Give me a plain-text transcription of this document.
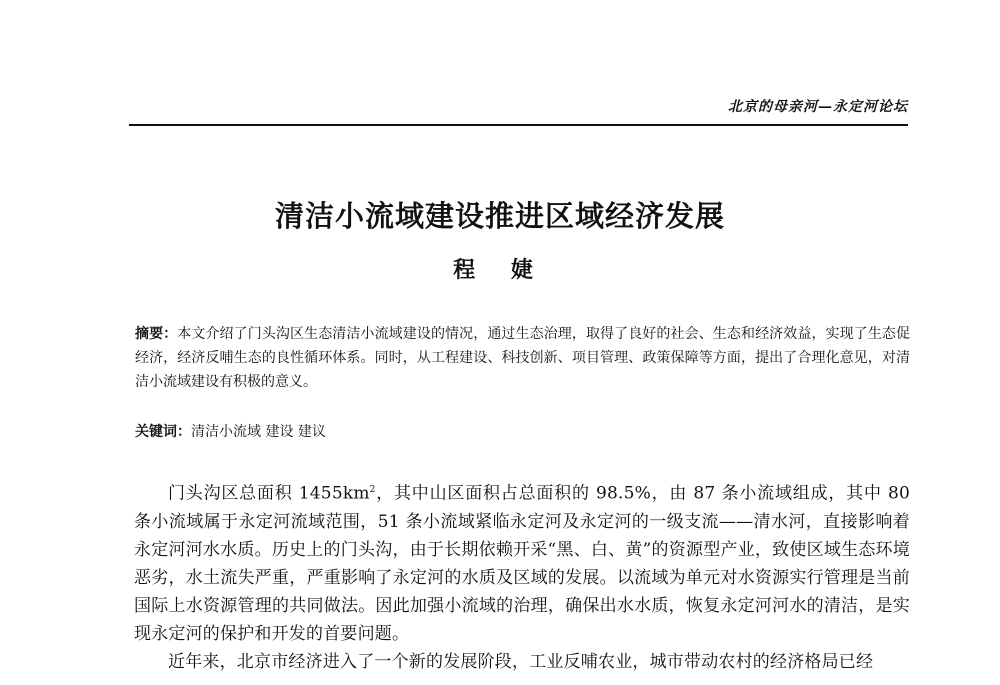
北京的母亲河—永定河论坛
清洁小流域建设推进区域经济发展
程 婕
摘要：本文介绍了门头沟区生态清洁小流域建设的情况，通过生态治理，取得了良好的社会、生态和经济效益，实现了生态促经济，经济反哺生态的良性循环体系。同时，从工程建设、科技创新、项目管理、政策保障等方面，提出了合理化意见，对清洁小流域建设有积极的意义。
关键词：清洁小流域 建设 建议

门头沟区总面积 $1455km^2$，其中山区面积占总面积的 98.5%，由 87 条小流域组成，其中 80 条小流域属于永定河流域范围，51 条小流域紧临永定河及永定河的一级支流——清水河，直接影响着永定河河水水质。历史上的门头沟，由于长期依赖开采“黑、白、黄”的资源型产业，致使区域生态环境恶劣，水土流失严重，严重影响了永定河的水质及区域的发展。以流域为单元对水资源实行管理是当前国际上水资源管理的共同做法。因此加强小流域的治理，确保出水水质，恢复永定河河水的清洁，是实现永定河的保护和开发的首要问题。

近年来，北京市经济进入了一个新的发展阶段，工业反哺农业，城市带动农村的经济格局已经
